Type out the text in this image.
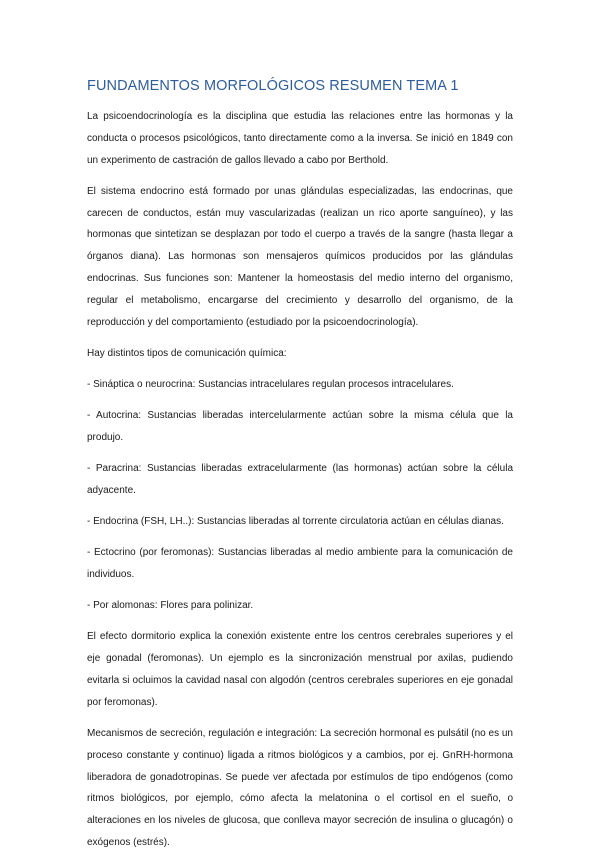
FUNDAMENTOS MORFOLÓGICOS RESUMEN TEMA 1

La psicoendocrinología es la disciplina que estudia las relaciones entre las hormonas y la conducta o procesos psicológicos, tanto directamente como a la inversa. Se inició en 1849 con un experimento de castración de gallos llevado a cabo por Berthold.

El sistema endocrino está formado por unas glándulas especializadas, las endocrinas, que carecen de conductos, están muy vascularizadas (realizan un rico aporte sanguíneo), y las hormonas que sintetizan se desplazan por todo el cuerpo a través de la sangre (hasta llegar a órganos diana). Las hormonas son mensajeros químicos producidos por las glándulas endocrinas. Sus funciones son: Mantener la homeostasis del medio interno del organismo, regular el metabolismo, encargarse del crecimiento y desarrollo del organismo, de la reproducción y del comportamiento (estudiado por la psicoendocrinología).

Hay distintos tipos de comunicación química:

- Sináptica o neurocrina: Sustancias intracelulares regulan procesos intracelulares.

- Autocrina: Sustancias liberadas intercelularmente actúan sobre la misma célula que la produjo.

- Paracrina: Sustancias liberadas extracelularmente (las hormonas) actúan sobre la célula adyacente.

- Endocrina (FSH, LH..): Sustancias liberadas al torrente circulatoria actúan en células dianas.

- Ectocrino (por feromonas): Sustancias liberadas al medio ambiente para la comunicación de individuos.

- Por alomonas: Flores para polinizar.

El efecto dormitorio explica la conexión existente entre los centros cerebrales superiores y el eje gonadal (feromonas). Un ejemplo es la sincronización menstrual por axilas, pudiendo evitarla si ocluimos la cavidad nasal con algodón (centros cerebrales superiores en eje gonadal por feromonas).

Mecanismos de secreción, regulación e integración: La secreción hormonal es pulsátil (no es un proceso constante y continuo) ligada a ritmos biológicos y a cambios, por ej. GnRH-hormona liberadora de gonadotropinas. Se puede ver afectada por estímulos de tipo endógenos (como ritmos biológicos, por ejemplo, cómo afecta la melatonina o el cortisol en el sueño, o alteraciones en los niveles de glucosa, que conlleva mayor secreción de insulina o glucagón) o exógenos (estrés).
